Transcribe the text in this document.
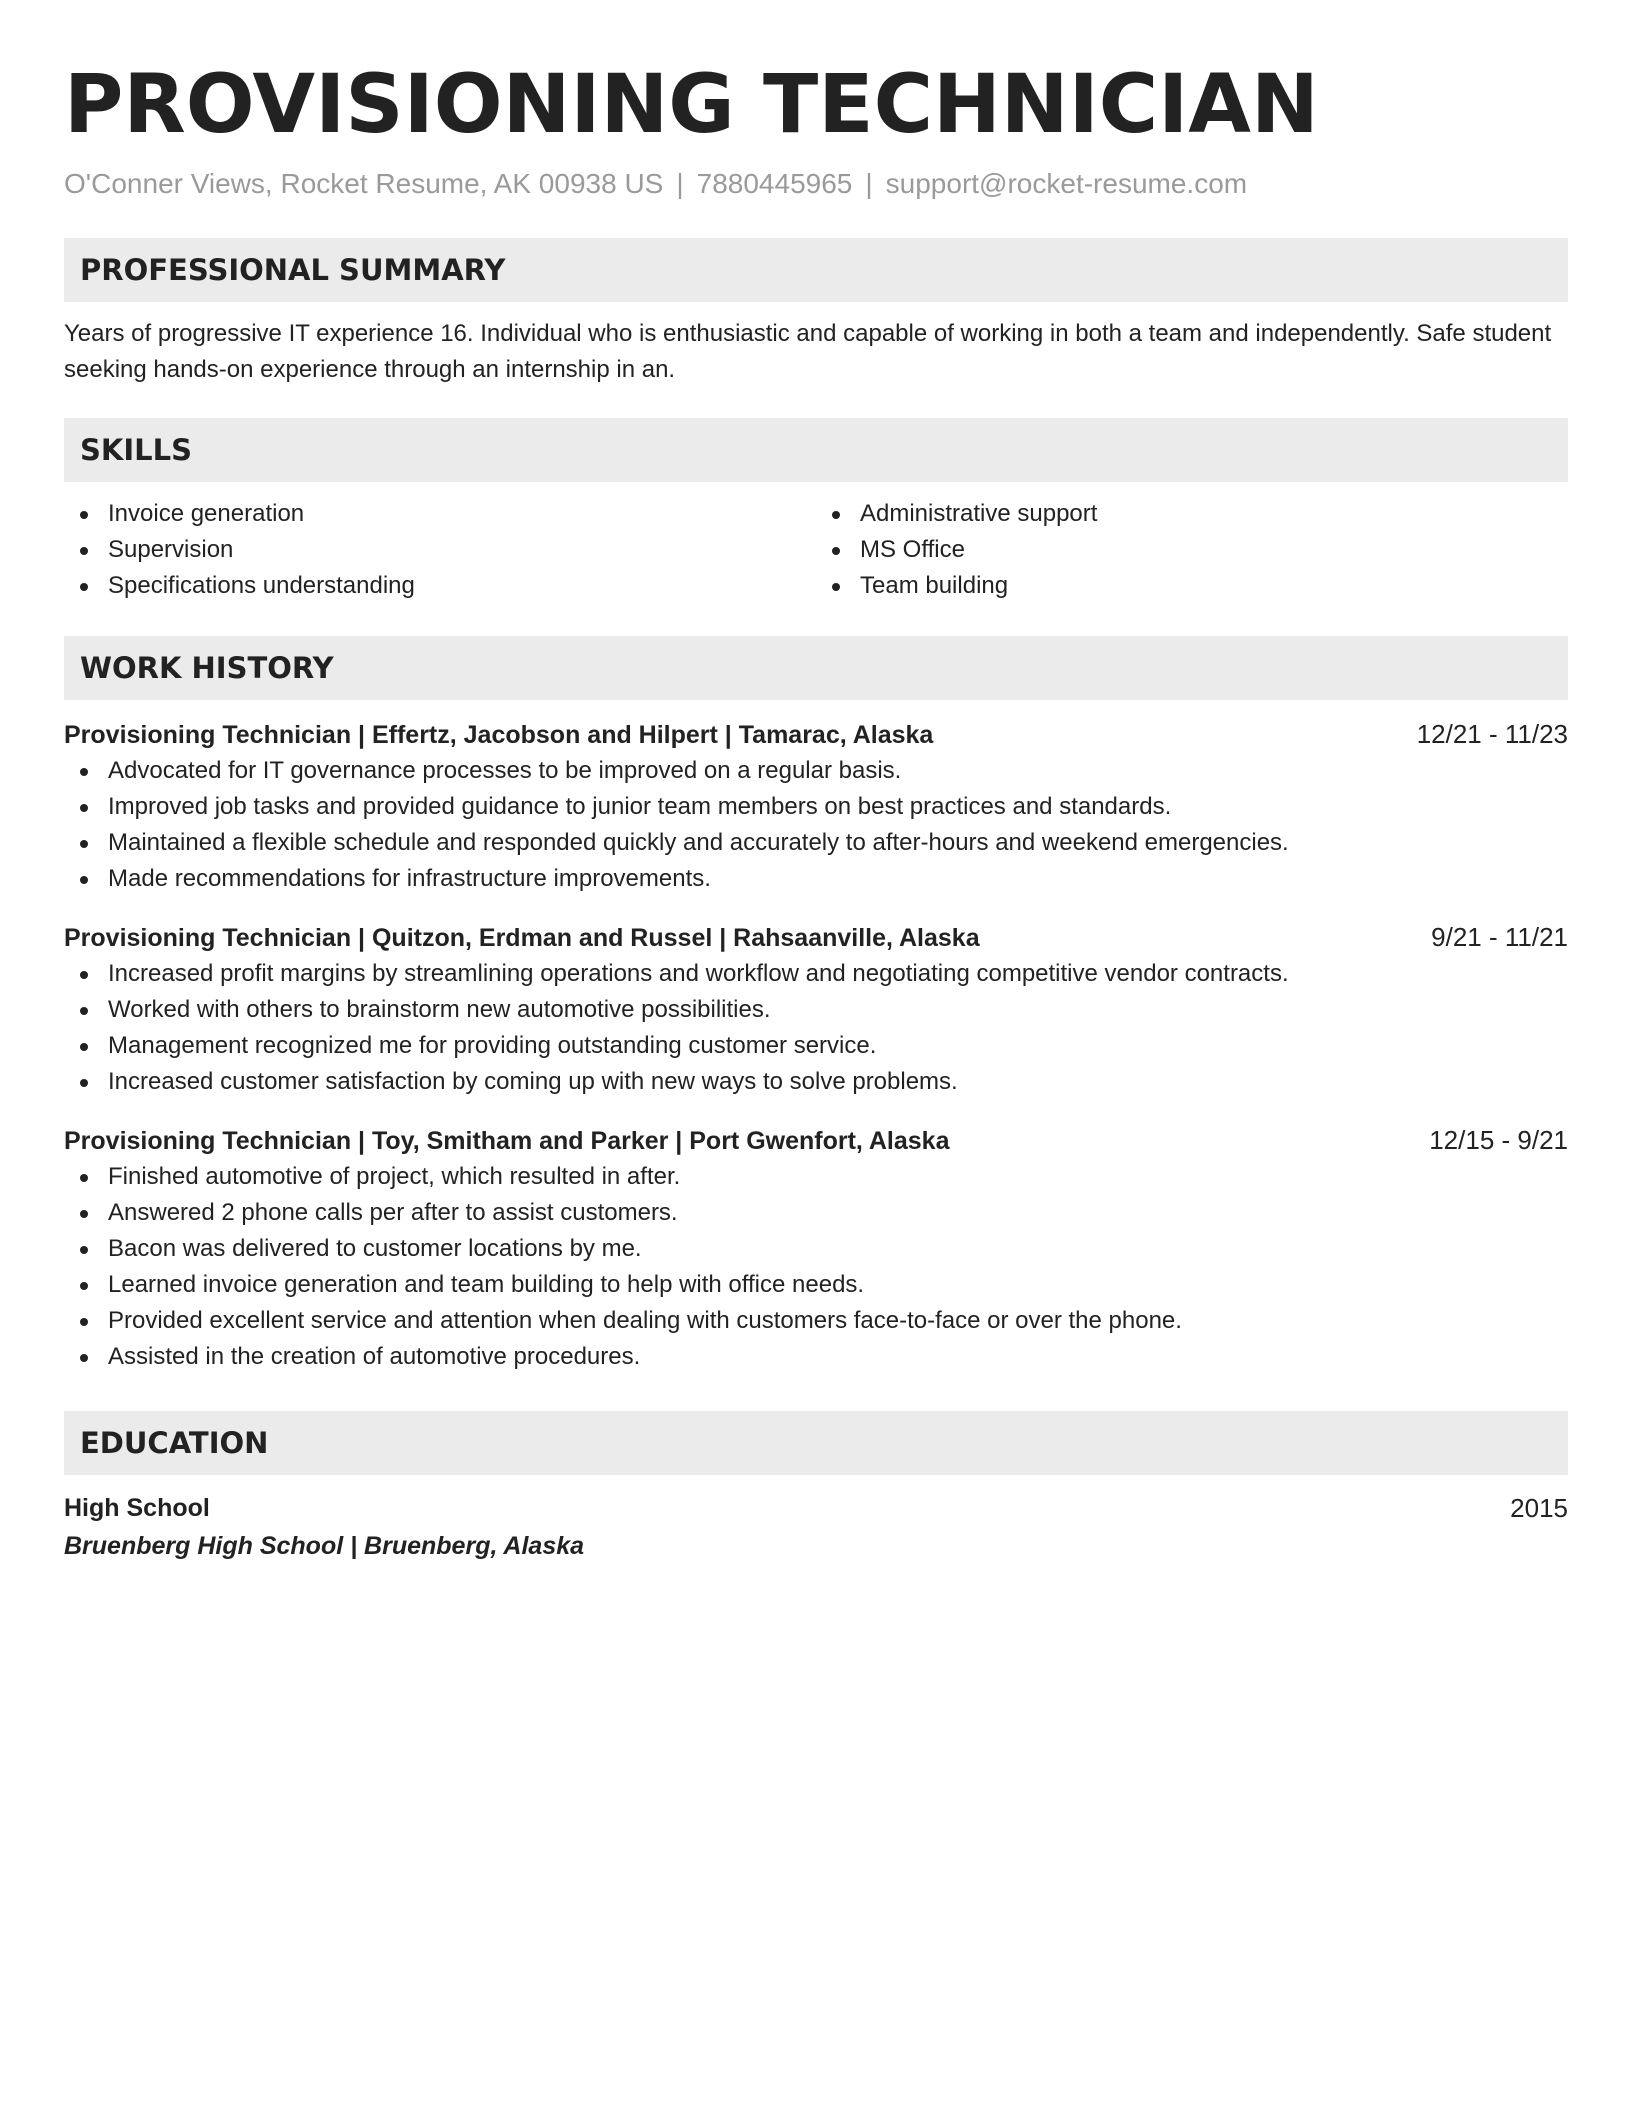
PROVISIONING TECHNICIAN
O'Conner Views, Rocket Resume, AK 00938 US | 7880445965 | support@rocket-resume.com
PROFESSIONAL SUMMARY

Years of progressive IT experience 16. Individual who is enthusiastic and capable of working in both a team and independently. Safe student seeking hands-on experience through an internship in an.

SKILLS
Invoice generation
Supervision
Specifications understanding
Administrative support
MS Office
Team building
WORK HISTORY
Provisioning Technician | Effertz, Jacobson and Hilpert | Tamarac, Alaska	12/21 - 11/23
Advocated for IT governance processes to be improved on a regular basis.
Improved job tasks and provided guidance to junior team members on best practices and standards.
Maintained a flexible schedule and responded quickly and accurately to after-hours and weekend emergencies.
Made recommendations for infrastructure improvements.
Provisioning Technician | Quitzon, Erdman and Russel | Rahsaanville, Alaska	9/21 - 11/21
Increased profit margins by streamlining operations and workflow and negotiating competitive vendor contracts.
Worked with others to brainstorm new automotive possibilities.
Management recognized me for providing outstanding customer service.
Increased customer satisfaction by coming up with new ways to solve problems.
Provisioning Technician | Toy, Smitham and Parker | Port Gwenfort, Alaska	12/15 - 9/21
Finished automotive of project, which resulted in after.
Answered 2 phone calls per after to assist customers.
Bacon was delivered to customer locations by me.
Learned invoice generation and team building to help with office needs.
Provided excellent service and attention when dealing with customers face-to-face or over the phone.
Assisted in the creation of automotive procedures.
EDUCATION
High School	2015
Bruenberg High School | Bruenberg, Alaska
